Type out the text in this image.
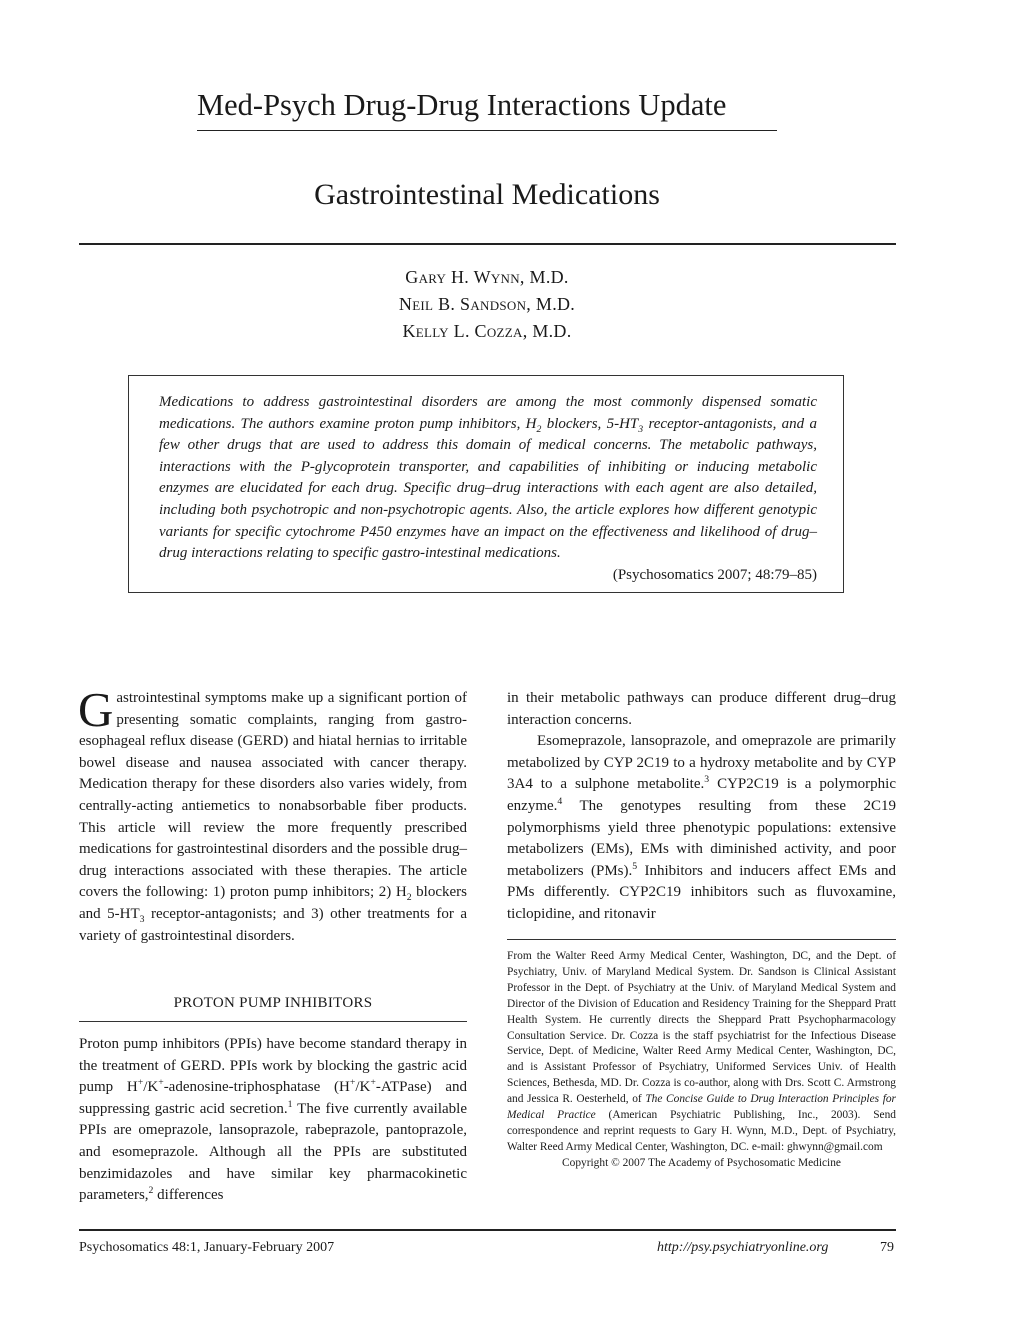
Med-Psych Drug-Drug Interactions Update
Gastrointestinal Medications
Gary H. Wynn, M.D.
Neil B. Sandson, M.D.
Kelly L. Cozza, M.D.
Medications to address gastrointestinal disorders are among the most commonly dispensed somatic medications. The authors examine proton pump inhibitors, $H_2$ blockers, $5-HT_3$ receptor-antagonists, and a few other drugs that are used to address this domain of medical concerns. The metabolic pathways, interactions with the P-glycoprotein transporter, and capabilities of inhibiting or inducing metabolic enzymes are elucidated for each drug. Specific drug–drug interactions with each agent are also detailed, including both psychotropic and non-psychotropic agents. Also, the article explores how different genotypic variants for specific cytochrome P450 enzymes have an impact on the effectiveness and likelihood of drug–drug interactions relating to specific gastro-intestinal medications.
(Psychosomatics 2007; 48:79–85)

Gastrointestinal symptoms make up a significant portion of presenting somatic complaints, ranging from gastro-esophageal reflux disease (GERD) and hiatal hernias to irritable bowel disease and nausea associated with cancer therapy. Medication therapy for these disorders also varies widely, from centrally-acting antiemetics to nonabsorbable fiber products. This article will review the more frequently prescribed medications for gastrointestinal disorders and the possible drug–drug interactions associated with these therapies. The article covers the following: 1) proton pump inhibitors; 2) $H_2$ blockers and $5-HT_3$ receptor-antagonists; and 3) other treatments for a variety of gastrointestinal disorders.

PROTON PUMP INHIBITORS

Proton pump inhibitors (PPIs) have become standard therapy in the treatment of GERD. PPIs work by blocking the gastric acid pump H+/K+-adenosine-triphosphatase (H+/K+-ATPase) and suppressing gastric acid secretion.$^1$ The five currently available PPIs are omeprazole, lansoprazole, rabeprazole, pantoprazole, and esomeprazole. Although all the PPIs are substituted benzimidazoles and have similar key pharmacokinetic parameters,$^2$ differences

in their metabolic pathways can produce different drug–drug interaction concerns.

Esomeprazole, lansoprazole, and omeprazole are primarily metabolized by CYP 2C19 to a hydroxy metabolite and by CYP 3A4 to a sulphone metabolite.$^3$ CYP2C19 is a polymorphic enzyme.$^4$ The genotypes resulting from these 2C19 polymorphisms yield three phenotypic populations: extensive metabolizers (EMs), EMs with diminished activity, and poor metabolizers (PMs).$^5$ Inhibitors and inducers affect EMs and PMs differently. CYP2C19 inhibitors such as fluvoxamine, ticlopidine, and ritonavir

From the Walter Reed Army Medical Center, Washington, DC, and the Dept. of Psychiatry, Univ. of Maryland Medical System. Dr. Sandson is Clinical Assistant Professor in the Dept. of Psychiatry at the Univ. of Maryland Medical System and Director of the Division of Education and Residency Training for the Sheppard Pratt Health System. He currently directs the Sheppard Pratt Psychopharmacology Consultation Service. Dr. Cozza is the staff psychiatrist for the Infectious Disease Service, Dept. of Medicine, Walter Reed Army Medical Center, Washington, DC, and is Assistant Professor of Psychiatry, Uniformed Services Univ. of Health Sciences, Bethesda, MD. Dr. Cozza is co-author, along with Drs. Scott C. Armstrong and Jessica R. Oesterheld, of The Concise Guide to Drug Interaction Principles for Medical Practice (American Psychiatric Publishing, Inc., 2003). Send correspondence and reprint requests to Gary H. Wynn, M.D., Dept. of Psychiatry, Walter Reed Army Medical Center, Washington, DC. e-mail: ghwynn@gmail.com
Copyright © 2007 The Academy of Psychosomatic Medicine
Psychosomatics 48:1, January-February 2007	http://psy.psychiatryonline.org	79
